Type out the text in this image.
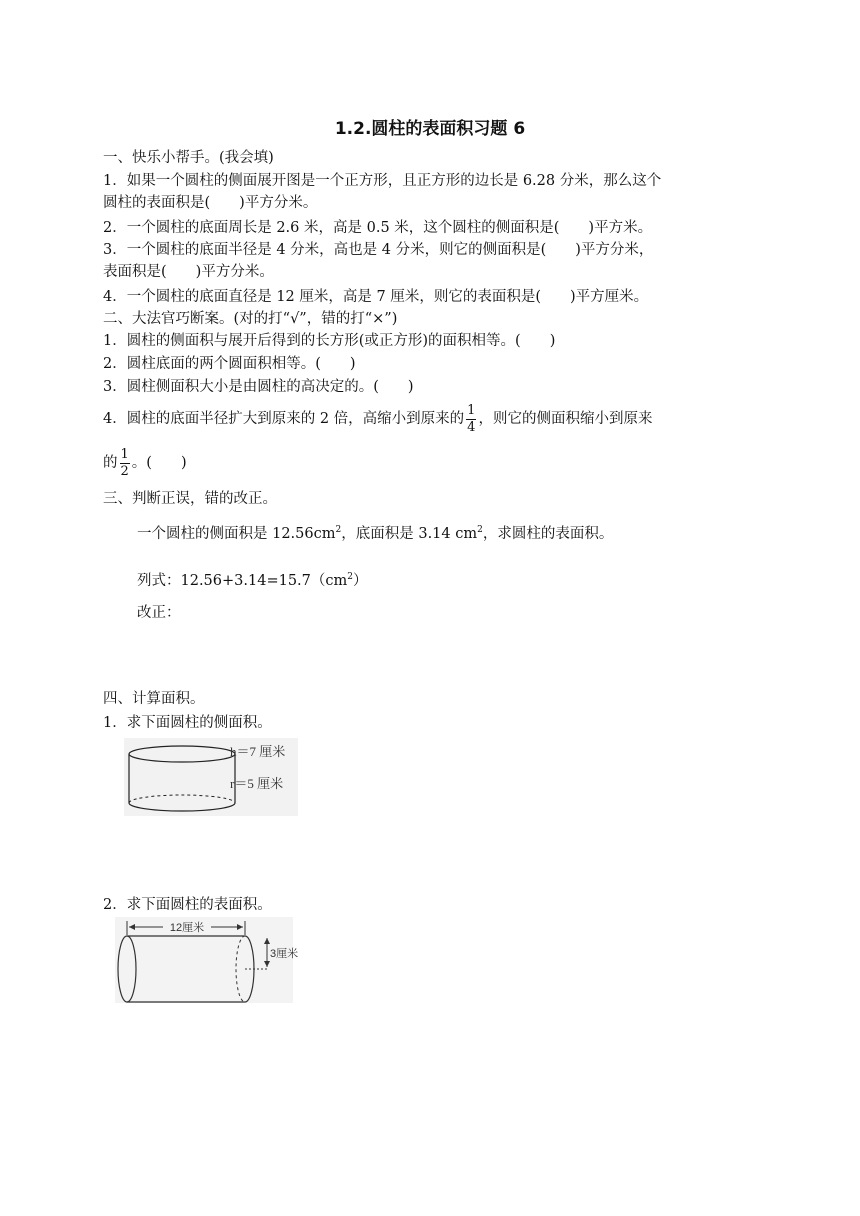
1.2.圆柱的表面积习题 6
一、快乐小帮手。(我会填)
1．如果一个圆柱的侧面展开图是一个正方形，且正方形的边长是 6.28 分米，那么这个
圆柱的表面积是(　　)平方分米。
2．一个圆柱的底面周长是 2.6 米，高是 0.5 米，这个圆柱的侧面积是(　　)平方米。
3．一个圆柱的底面半径是 4 分米，高也是 4 分米，则它的侧面积是(　　)平方分米，
表面积是(　　)平方分米。
4．一个圆柱的底面直径是 12 厘米，高是 7 厘米，则它的表面积是(　　)平方厘米。
二、大法官巧断案。(对的打“√”，错的打“×”)
1．圆柱的侧面积与展开后得到的长方形(或正方形)的面积相等。(　　)
2．圆柱底面的两个圆面积相等。(　　)
3．圆柱侧面积大小是由圆柱的高决定的。(　　)
4．圆柱的底面半径扩大到原来的 2 倍，高缩小到原来的 $\frac{1}{4}$ ，则它的侧面积缩小到原来
的 $\frac{1}{2}$ 。(　　)
三、判断正误，错的改正。
一个圆柱的侧面积是 $12.56cm^2$，底面积是 3.14 $cm^2$，求圆柱的表面积。
列式：$12.56+3.14=15.7(cm^2)$
改正：
四、计算面积。
1．求下面圆柱的侧面积。
h＝7 厘米
r＝5 厘米
2．求下面圆柱的表面积。
12厘米
3厘米
